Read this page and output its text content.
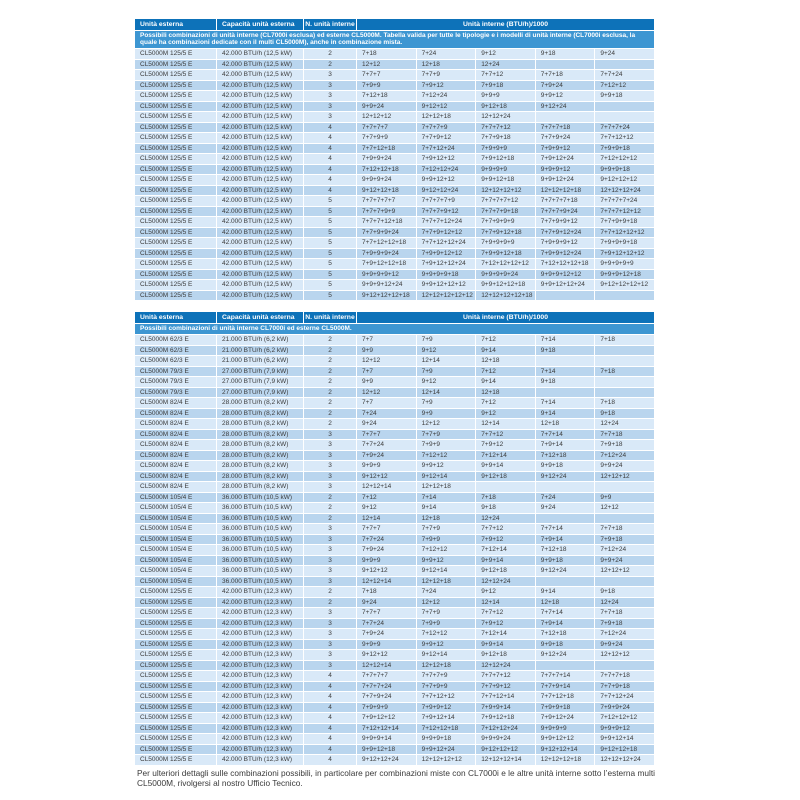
Unità esterna	Capacità unità esterna	N. unità interne	Unità interne (BTU/h)/1000
Possibili combinazioni di unità interne (CL7000i esclusa) ed esterne CL5000M. Tabella valida per tutte le tipologie e i modelli di unità interne (CL7000i esclusa, la quale ha combinazioni dedicate con il multi CL5000M), anche in combinazione mista.
CL5000M 125/5 E	42.000 BTU/h (12,5 kW)	2	7+18	7+24	9+12	9+18	9+24
CL5000M 125/5 E	42.000 BTU/h (12,5 kW)	2	12+12	12+18	12+24
CL5000M 125/5 E	42.000 BTU/h (12,5 kW)	3	7+7+7	7+7+9	7+7+12	7+7+18	7+7+24
CL5000M 125/5 E	42.000 BTU/h (12,5 kW)	3	7+9+9	7+9+12	7+9+18	7+9+24	7+12+12
CL5000M 125/5 E	42.000 BTU/h (12,5 kW)	3	7+12+18	7+12+24	9+9+9	9+9+12	9+9+18
CL5000M 125/5 E	42.000 BTU/h (12,5 kW)	3	9+9+24	9+12+12	9+12+18	9+12+24
CL5000M 125/5 E	42.000 BTU/h (12,5 kW)	3	12+12+12	12+12+18	12+12+24
CL5000M 125/5 E	42.000 BTU/h (12,5 kW)	4	7+7+7+7	7+7+7+9	7+7+7+12	7+7+7+18	7+7+7+24
CL5000M 125/5 E	42.000 BTU/h (12,5 kW)	4	7+7+9+9	7+7+9+12	7+7+9+18	7+7+9+24	7+7+12+12
CL5000M 125/5 E	42.000 BTU/h (12,5 kW)	4	7+7+12+18	7+7+12+24	7+9+9+9	7+9+9+12	7+9+9+18
CL5000M 125/5 E	42.000 BTU/h (12,5 kW)	4	7+9+9+24	7+9+12+12	7+9+12+18	7+9+12+24	7+12+12+12
CL5000M 125/5 E	42.000 BTU/h (12,5 kW)	4	7+12+12+18	7+12+12+24	9+9+9+9	9+9+9+12	9+9+9+18
CL5000M 125/5 E	42.000 BTU/h (12,5 kW)	4	9+9+9+24	9+9+12+12	9+9+12+18	9+9+12+24	9+12+12+12
CL5000M 125/5 E	42.000 BTU/h (12,5 kW)	4	9+12+12+18	9+12+12+24	12+12+12+12	12+12+12+18	12+12+12+24
CL5000M 125/5 E	42.000 BTU/h (12,5 kW)	5	7+7+7+7+7	7+7+7+7+9	7+7+7+7+12	7+7+7+7+18	7+7+7+7+24
CL5000M 125/5 E	42.000 BTU/h (12,5 kW)	5	7+7+7+9+9	7+7+7+9+12	7+7+7+9+18	7+7+7+9+24	7+7+7+12+12
CL5000M 125/5 E	42.000 BTU/h (12,5 kW)	5	7+7+7+12+18	7+7+7+12+24	7+7+9+9+9	7+7+9+9+12	7+7+9+9+18
CL5000M 125/5 E	42.000 BTU/h (12,5 kW)	5	7+7+9+9+24	7+7+9+12+12	7+7+9+12+18	7+7+9+12+24	7+7+12+12+12
CL5000M 125/5 E	42.000 BTU/h (12,5 kW)	5	7+7+12+12+18	7+7+12+12+24	7+9+9+9+9	7+9+9+9+12	7+9+9+9+18
CL5000M 125/5 E	42.000 BTU/h (12,5 kW)	5	7+9+9+9+24	7+9+9+12+12	7+9+9+12+18	7+9+9+12+24	7+9+12+12+12
CL5000M 125/5 E	42.000 BTU/h (12,5 kW)	5	7+9+12+12+18	7+9+12+12+24	7+12+12+12+12	7+12+12+12+18	9+9+9+9+9
CL5000M 125/5 E	42.000 BTU/h (12,5 kW)	5	9+9+9+9+12	9+9+9+9+18	9+9+9+9+24	9+9+9+12+12	9+9+9+12+18
CL5000M 125/5 E	42.000 BTU/h (12,5 kW)	5	9+9+9+12+24	9+9+12+12+12	9+9+12+12+18	9+9+12+12+24	9+12+12+12+12
CL5000M 125/5 E	42.000 BTU/h (12,5 kW)	5	9+12+12+12+18	12+12+12+12+12	12+12+12+12+18
Unità esterna	Capacità unità esterna	N. unità interne	Unità interne (BTU/h)/1000
Possibili combinazioni di unità interne CL7000i ed esterne CL5000M.
CL5000M 62/3 E	21.000 BTU/h (6,2 kW)	2	7+7	7+9	7+12	7+14	7+18
CL5000M 62/3 E	21.000 BTU/h (6,2 kW)	2	9+9	9+12	9+14	9+18
CL5000M 62/3 E	21.000 BTU/h (6,2 kW)	2	12+12	12+14	12+18
CL5000M 79/3 E	27.000 BTU/h (7,9 kW)	2	7+7	7+9	7+12	7+14	7+18
CL5000M 79/3 E	27.000 BTU/h (7,9 kW)	2	9+9	9+12	9+14	9+18
CL5000M 79/3 E	27.000 BTU/h (7,9 kW)	2	12+12	12+14	12+18
CL5000M 82/4 E	28.000 BTU/h (8,2 kW)	2	7+7	7+9	7+12	7+14	7+18
CL5000M 82/4 E	28.000 BTU/h (8,2 kW)	2	7+24	9+9	9+12	9+14	9+18
CL5000M 82/4 E	28.000 BTU/h (8,2 kW)	2	9+24	12+12	12+14	12+18	12+24
CL5000M 82/4 E	28.000 BTU/h (8,2 kW)	3	7+7+7	7+7+9	7+7+12	7+7+14	7+7+18
CL5000M 82/4 E	28.000 BTU/h (8,2 kW)	3	7+7+24	7+9+9	7+9+12	7+9+14	7+9+18
CL5000M 82/4 E	28.000 BTU/h (8,2 kW)	3	7+9+24	7+12+12	7+12+14	7+12+18	7+12+24
CL5000M 82/4 E	28.000 BTU/h (8,2 kW)	3	9+9+9	9+9+12	9+9+14	9+9+18	9+9+24
CL5000M 82/4 E	28.000 BTU/h (8,2 kW)	3	9+12+12	9+12+14	9+12+18	9+12+24	12+12+12
CL5000M 82/4 E	28.000 BTU/h (8,2 kW)	3	12+12+14	12+12+18
CL5000M 105/4 E	36.000 BTU/h (10,5 kW)	2	7+12	7+14	7+18	7+24	9+9
CL5000M 105/4 E	36.000 BTU/h (10,5 kW)	2	9+12	9+14	9+18	9+24	12+12
CL5000M 105/4 E	36.000 BTU/h (10,5 kW)	2	12+14	12+18	12+24
CL5000M 105/4 E	36.000 BTU/h (10,5 kW)	3	7+7+7	7+7+9	7+7+12	7+7+14	7+7+18
CL5000M 105/4 E	36.000 BTU/h (10,5 kW)	3	7+7+24	7+9+9	7+9+12	7+9+14	7+9+18
CL5000M 105/4 E	36.000 BTU/h (10,5 kW)	3	7+9+24	7+12+12	7+12+14	7+12+18	7+12+24
CL5000M 105/4 E	36.000 BTU/h (10,5 kW)	3	9+9+9	9+9+12	9+9+14	9+9+18	9+9+24
CL5000M 105/4 E	36.000 BTU/h (10,5 kW)	3	9+12+12	9+12+14	9+12+18	9+12+24	12+12+12
CL5000M 105/4 E	36.000 BTU/h (10,5 kW)	3	12+12+14	12+12+18	12+12+24
CL5000M 125/5 E	42.000 BTU/h (12,3 kW)	2	7+18	7+24	9+12	9+14	9+18
CL5000M 125/5 E	42.000 BTU/h (12,3 kW)	2	9+24	12+12	12+14	12+18	12+24
CL5000M 125/5 E	42.000 BTU/h (12,3 kW)	3	7+7+7	7+7+9	7+7+12	7+7+14	7+7+18
CL5000M 125/5 E	42.000 BTU/h (12,3 kW)	3	7+7+24	7+9+9	7+9+12	7+9+14	7+9+18
CL5000M 125/5 E	42.000 BTU/h (12,3 kW)	3	7+9+24	7+12+12	7+12+14	7+12+18	7+12+24
CL5000M 125/5 E	42.000 BTU/h (12,3 kW)	3	9+9+9	9+9+12	9+9+14	9+9+18	9+9+24
CL5000M 125/5 E	42.000 BTU/h (12,3 kW)	3	9+12+12	9+12+14	9+12+18	9+12+24	12+12+12
CL5000M 125/5 E	42.000 BTU/h (12,3 kW)	3	12+12+14	12+12+18	12+12+24
CL5000M 125/5 E	42.000 BTU/h (12,3 kW)	4	7+7+7+7	7+7+7+9	7+7+7+12	7+7+7+14	7+7+7+18
CL5000M 125/5 E	42.000 BTU/h (12,3 kW)	4	7+7+7+24	7+7+9+9	7+7+9+12	7+7+9+14	7+7+9+18
CL5000M 125/5 E	42.000 BTU/h (12,3 kW)	4	7+7+9+24	7+7+12+12	7+7+12+14	7+7+12+18	7+7+12+24
CL5000M 125/5 E	42.000 BTU/h (12,3 kW)	4	7+9+9+9	7+9+9+12	7+9+9+14	7+9+9+18	7+9+9+24
CL5000M 125/5 E	42.000 BTU/h (12,3 kW)	4	7+9+12+12	7+9+12+14	7+9+12+18	7+9+12+24	7+12+12+12
CL5000M 125/5 E	42.000 BTU/h (12,3 kW)	4	7+12+12+14	7+12+12+18	7+12+12+24	9+9+9+9	9+9+9+12
CL5000M 125/5 E	42.000 BTU/h (12,3 kW)	4	9+9+9+14	9+9+9+18	9+9+9+24	9+9+12+12	9+9+12+14
CL5000M 125/5 E	42.000 BTU/h (12,3 kW)	4	9+9+12+18	9+9+12+24	9+12+12+12	9+12+12+14	9+12+12+18
CL5000M 125/5 E	42.000 BTU/h (12,3 kW)	4	9+12+12+24	12+12+12+12	12+12+12+14	12+12+12+18	12+12+12+24

Per ulteriori dettagli sulle combinazioni possibili, in particolare per combinazioni miste con CL7000i e le altre unità interne sotto l’esterna multi CL5000M, rivolgersi al nostro Ufficio Tecnico.
